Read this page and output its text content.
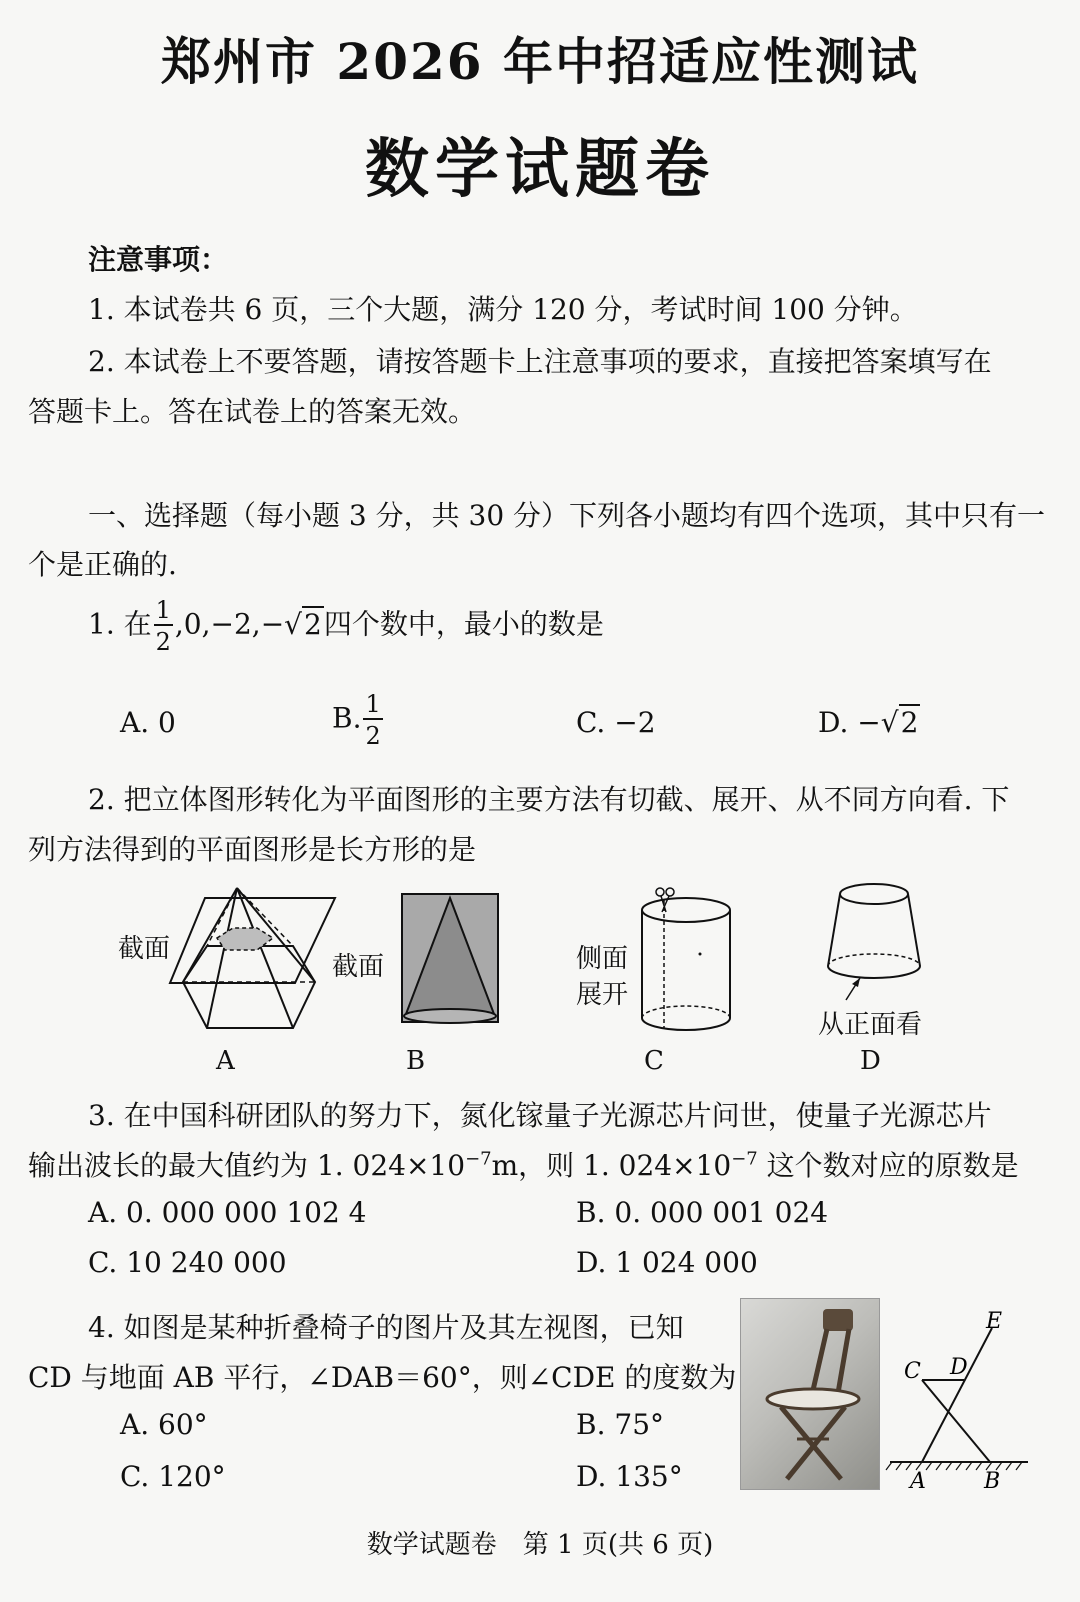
郑州市 2026 年中招适应性测试
数学试题卷
注意事项：
1. 本试卷共 6 页，三个大题，满分 120 分，考试时间 100 分钟。
2. 本试卷上不要答题，请按答题卡上注意事项的要求，直接把答案填写在
答题卡上。答在试卷上的答案无效。
一、选择题（每小题 3 分，共 30 分）下列各小题均有四个选项，其中只有一
个是正确的.
1. 在 $\frac{1}{2} ,0,-2,-√2$四个数中，最小的数是
A. 0	B. $\frac{1}{2}$	C. −2	D. −√2
2. 把立体图形转化为平面图形的主要方法有切截、展开、从不同方向看. 下
列方法得到的平面图形是长方形的是
截面
A
截面
B
侧面
展开
C
从正面看
D
3. 在中国科研团队的努力下，氮化镓量子光源芯片问世，使量子光源芯片
输出波长的最大值约为 1. $024\times 10^{-7}m$，则 1. $024\times 10^{-7}$ 这个数对应的原数是
A. 0. 000 000 102 4	B. 0. 000 001 024
C. 10 240 000	D. 1 024 000
4. 如图是某种折叠椅子的图片及其左视图，已知
CD 与地面 AB 平行，∠DAB＝60°，则∠CDE 的度数为
A. 60°	B. 75°
C. 120°	D. 135°
E
C D
A	B
数学试题卷　第 1 页(共 6 页)
